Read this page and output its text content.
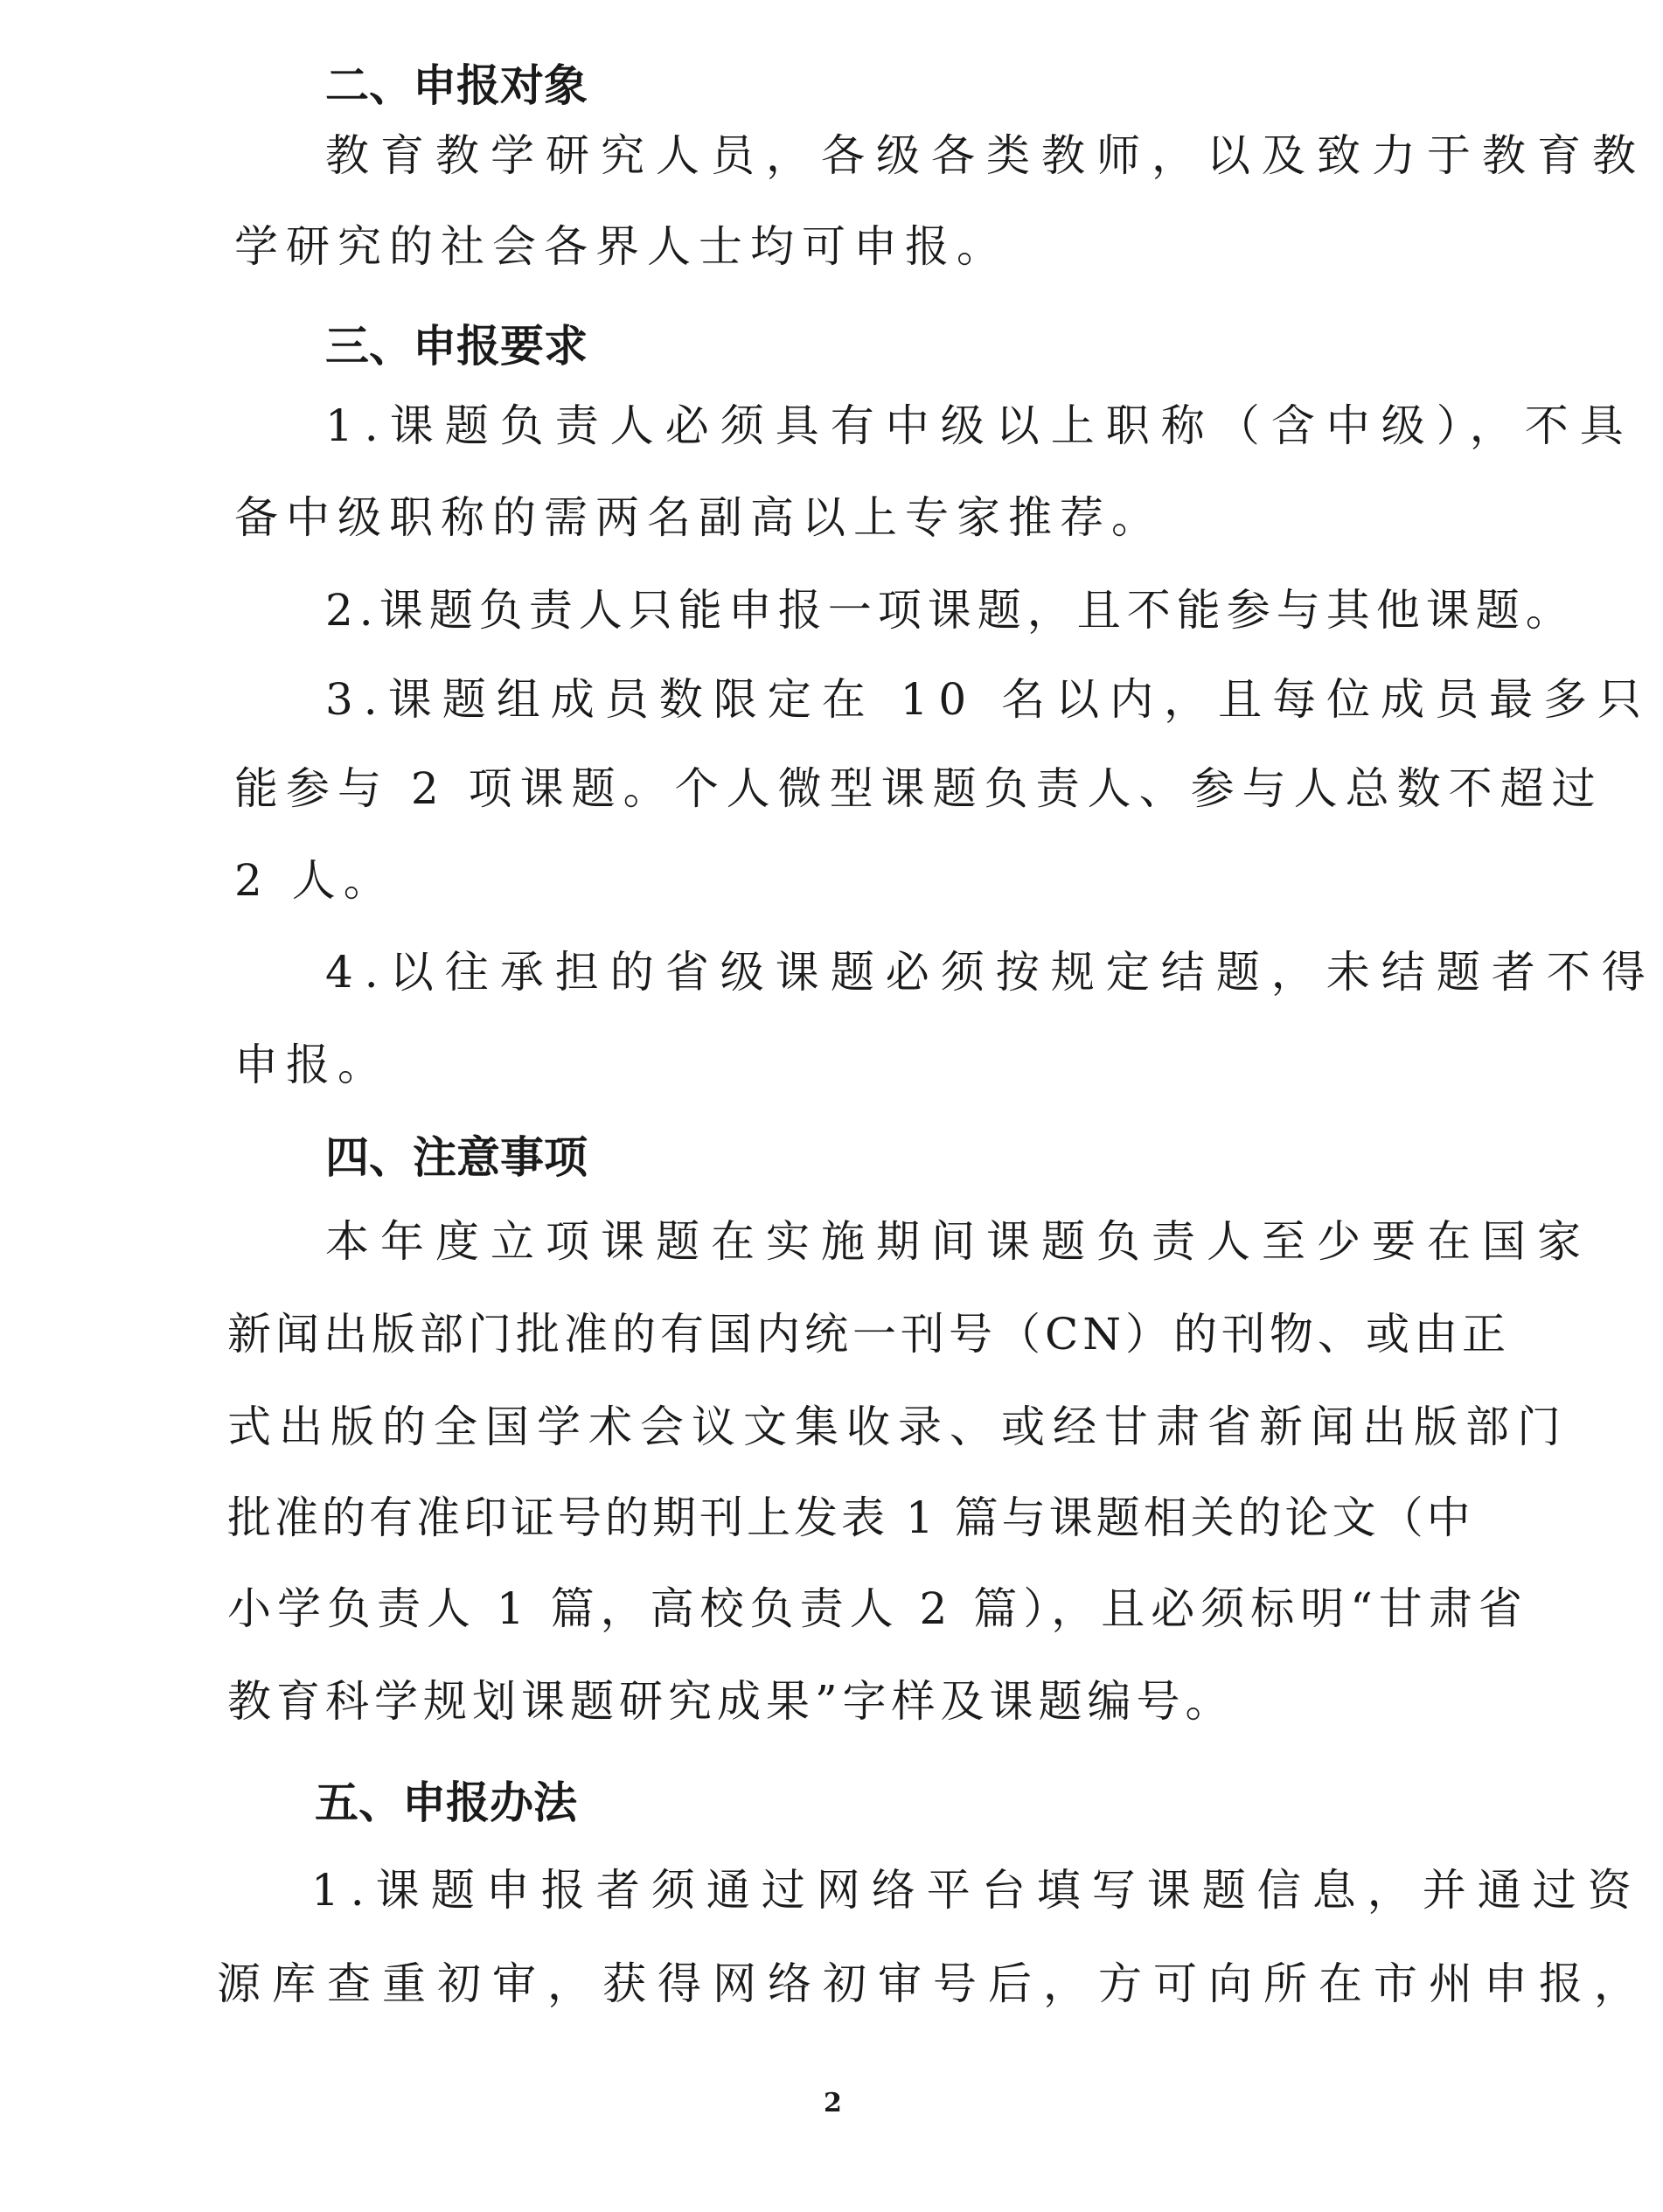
二、申报对象
教育教学研究人员，各级各类教师，以及致力于教育教
学研究的社会各界人士均可申报。
三、申报要求
1.课题负责人必须具有中级以上职称（含中级），不具
备中级职称的需两名副高以上专家推荐。
2.课题负责人只能申报一项课题，且不能参与其他课题。
3.课题组成员数限定在 10 名以内，且每位成员最多只
能参与 2 项课题。个人微型课题负责人、参与人总数不超过
2 人。
4.以往承担的省级课题必须按规定结题，未结题者不得
申报。
四、注意事项
本年度立项课题在实施期间课题负责人至少要在国家
新闻出版部门批准的有国内统一刊号（CN）的刊物、或由正
式出版的全国学术会议文集收录、或经甘肃省新闻出版部门
批准的有准印证号的期刊上发表 1 篇与课题相关的论文（中
小学负责人 1 篇，高校负责人 2 篇），且必须标明“甘肃省
教育科学规划课题研究成果”字样及课题编号。
五、申报办法
1.课题申报者须通过网络平台填写课题信息，并通过资
源库查重初审，获得网络初审号后，方可向所在市州申报，
2
